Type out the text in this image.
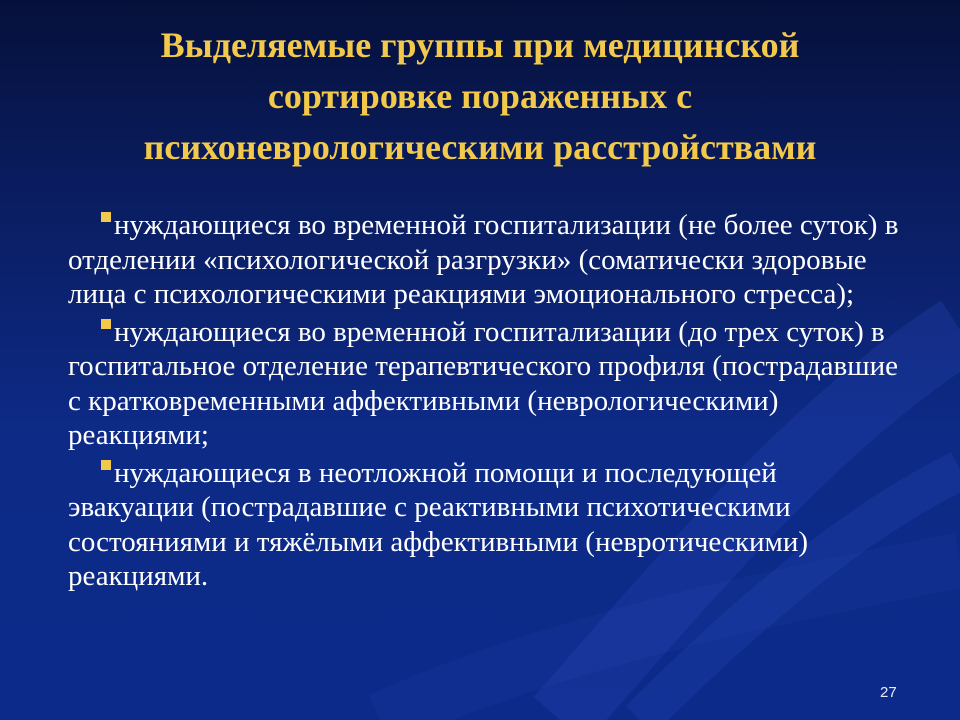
Выделяемые группы при медицинской
сортировке пораженных с
психоневрологическими расстройствами
нуждающиеся во временной госпитализации (не более суток) в отделении «психологической разгрузки» (соматически здоровые лица с психологическими реакциями эмоционального стресса);
нуждающиеся во временной госпитализации (до трех суток) в госпитальное отделение терапевтического профиля (пострадавшие с кратковременными аффективными (неврологическими) реакциями;
нуждающиеся в неотложной помощи и последующей эвакуации (пострадавшие с реактивными психотическими состояниями и тяжёлыми аффективными (невротическими) реакциями.
27
